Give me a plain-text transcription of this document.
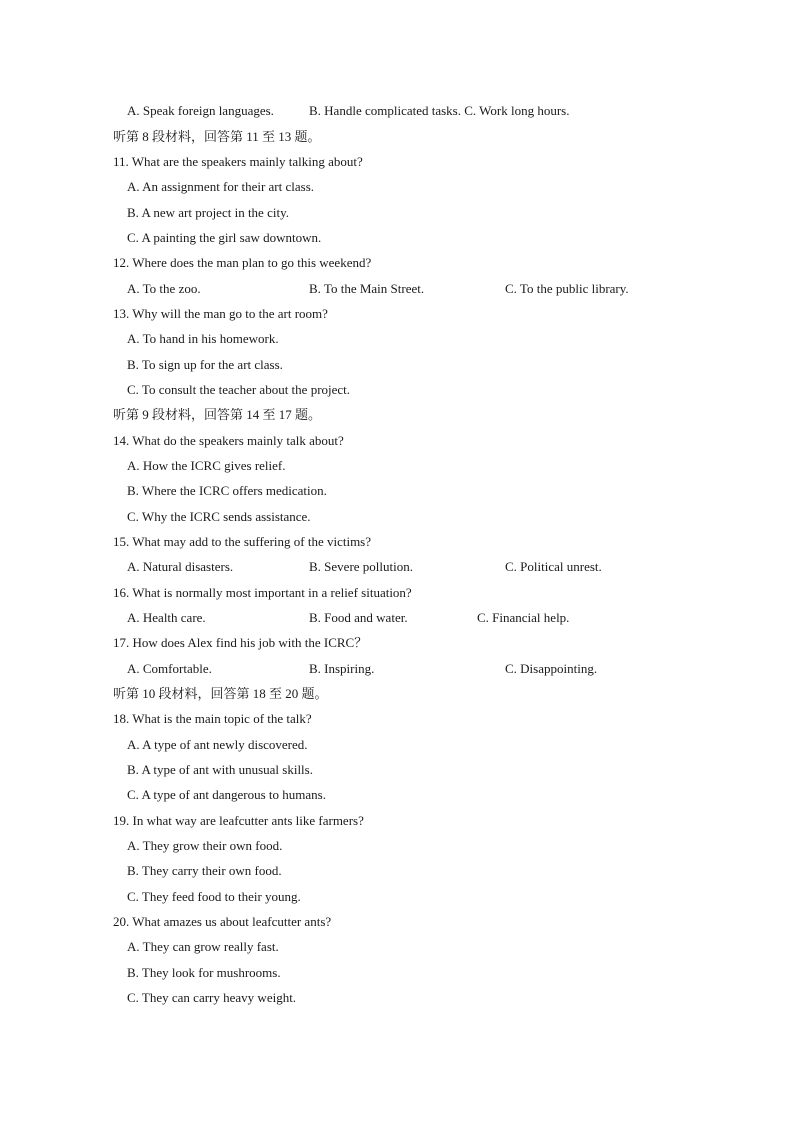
A. Speak foreign languages.	B. Handle complicated tasks. C. Work long hours.
听第 8 段材料，回答第 11 至 13 题。
11. What are the speakers mainly talking about?
A. An assignment for their art class.
B. A new art project in the city.
C. A painting the girl saw downtown.
12. Where does the man plan to go this weekend?
A. To the zoo.	B. To the Main Street.	C. To the public library.
13. Why will the man go to the art room?
A. To hand in his homework.
B. To sign up for the art class.
C. To consult the teacher about the project.
听第 9 段材料，回答第 14 至 17 题。
14. What do the speakers mainly talk about?
A. How the ICRC gives relief.
B. Where the ICRC offers medication.
C. Why the ICRC sends assistance.
15. What may add to the suffering of the victims?
A. Natural disasters.	B. Severe pollution.	C. Political unrest.
16. What is normally most important in a relief situation?
A. Health care.	B. Food and water.	C. Financial help.
17. How does Alex find his job with the ICRC？
A. Comfortable.	B. Inspiring.	C. Disappointing.
听第 10 段材料，回答第 18 至 20 题。
18. What is the main topic of the talk?
A. A type of ant newly discovered.
B. A type of ant with unusual skills.
C. A type of ant dangerous to humans.
19. In what way are leafcutter ants like farmers?
A. They grow their own food.
B. They carry their own food.
C. They feed food to their young.
20. What amazes us about leafcutter ants?
A. They can grow really fast.
B. They look for mushrooms.
C. They can carry heavy weight.
